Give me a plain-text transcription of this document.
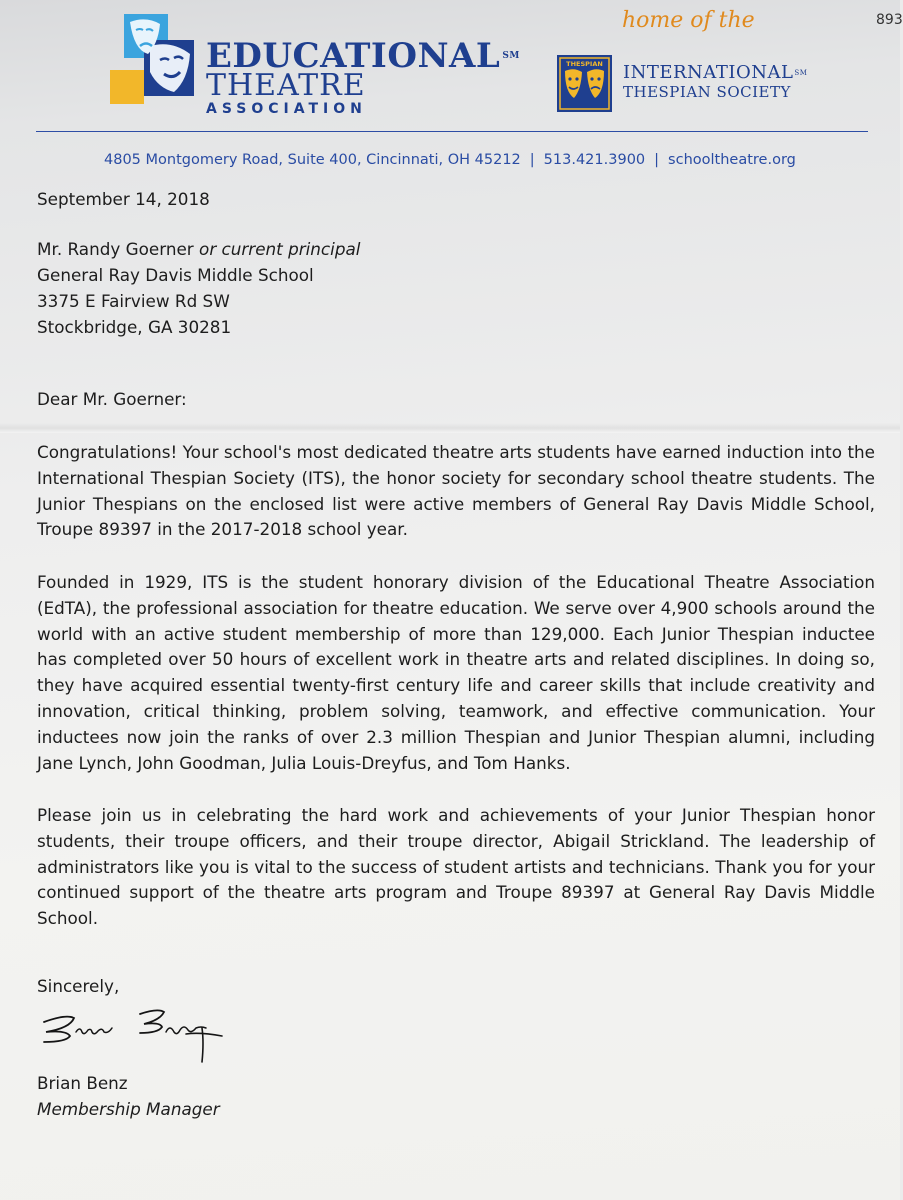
EDUCATIONAL ℠
THEATRE
ASSOCIATION
home of the
THESPIAN INTERNATIONAL℠
THESPIAN SOCIETY
893
4805 Montgomery Road, Suite 400, Cincinnati, OH 45212 | 513.421.3900 | schooltheatre.org
September 14, 2018
Mr. Randy Goerner or current principal
General Ray Davis Middle School
3375 E Fairview Rd SW
Stockbridge, GA 30281
Dear Mr. Goerner:
Congratulations! Your school's most dedicated theatre arts students have earned induction into the International Thespian Society (ITS), the honor society for secondary school theatre students. The Junior Thespians on the enclosed list were active members of General Ray Davis Middle School, Troupe 89397 in the 2017-2018 school year.
Founded in 1929, ITS is the student honorary division of the Educational Theatre Association (EdTA), the professional association for theatre education. We serve over 4,900 schools around the world with an active student membership of more than 129,000. Each Junior Thespian inductee has completed over 50 hours of excellent work in theatre arts and related disciplines. In doing so, they have acquired essential twenty-first century life and career skills that include creativity and innovation, critical thinking, problem solving, teamwork, and effective communication. Your inductees now join the ranks of over 2.3 million Thespian and Junior Thespian alumni, including Jane Lynch, John Goodman, Julia Louis-Dreyfus, and Tom Hanks.
Please join us in celebrating the hard work and achievements of your Junior Thespian honor students, their troupe officers, and their troupe director, Abigail Strickland. The leadership of administrators like you is vital to the success of student artists and technicians. Thank you for your continued support of the theatre arts program and Troupe 89397 at General Ray Davis Middle School.
Sincerely,
Brian Benz
Membership Manager
